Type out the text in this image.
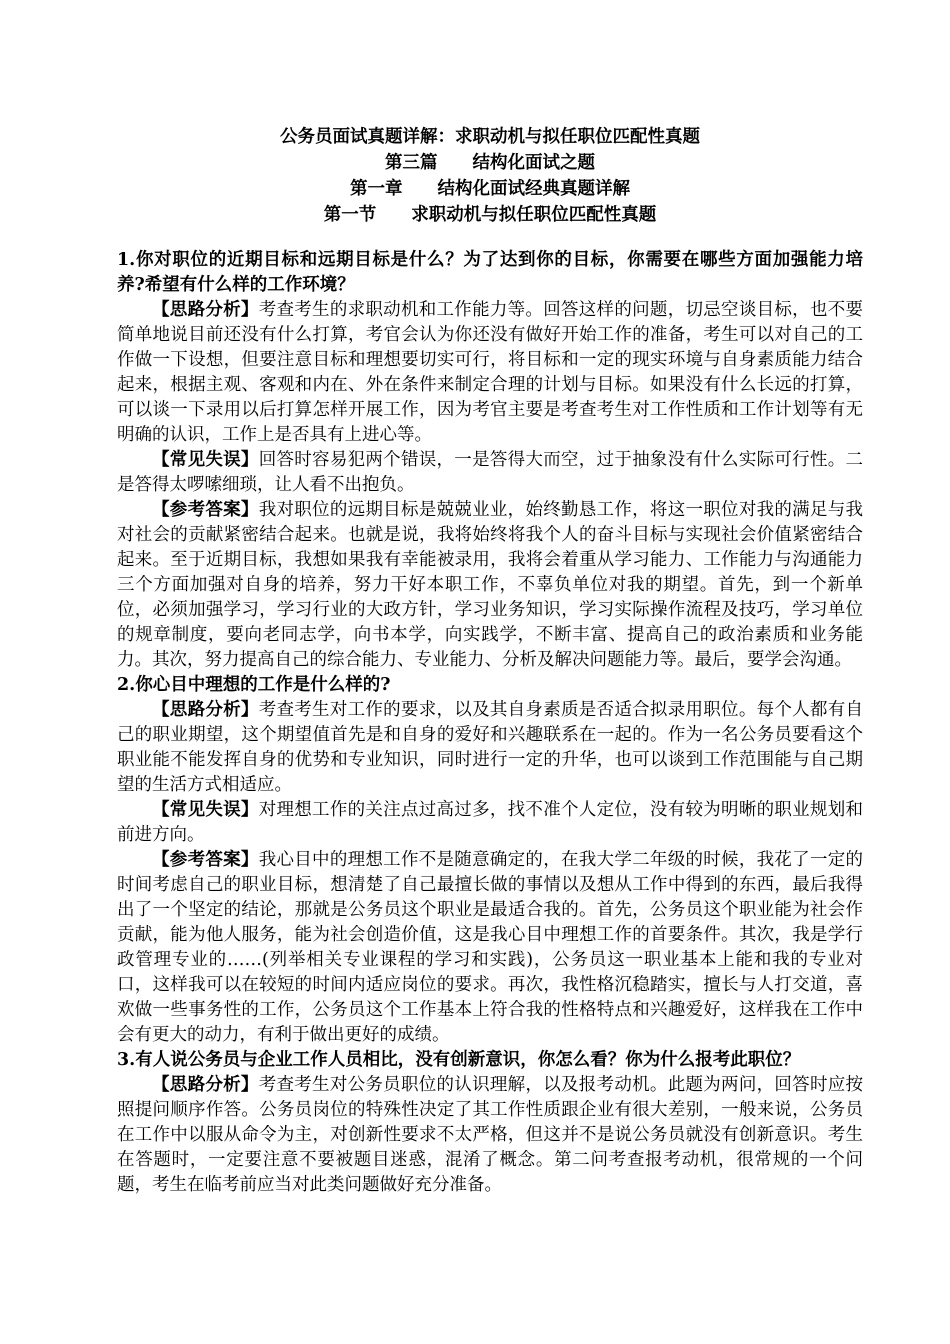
公务员面试真题详解：求职动机与拟任职位匹配性真题
第三篇　　结构化面试之题
第一章　　结构化面试经典真题详解
第一节　　求职动机与拟任职位匹配性真题

1.你对职位的近期目标和远期目标是什么？为了达到你的目标，你需要在哪些方面加强能力培养?希望有什么样的工作环境？

【思路分析】考查考生的求职动机和工作能力等。回答这样的问题，切忌空谈目标，也不要简单地说目前还没有什么打算，考官会认为你还没有做好开始工作的准备，考生可以对自己的工作做一下设想，但要注意目标和理想要切实可行，将目标和一定的现实环境与自身素质能力结合起来，根据主观、客观和内在、外在条件来制定合理的计划与目标。如果没有什么长远的打算，可以谈一下录用以后打算怎样开展工作，因为考官主要是考查考生对工作性质和工作计划等有无明确的认识，工作上是否具有上进心等。

【常见失误】回答时容易犯两个错误，一是答得大而空，过于抽象没有什么实际可行性。二是答得太啰嗦细琐，让人看不出抱负。

【参考答案】我对职位的远期目标是兢兢业业，始终勤恳工作，将这一职位对我的满足与我对社会的贡献紧密结合起来。也就是说，我将始终将我个人的奋斗目标与实现社会价值紧密结合起来。至于近期目标，我想如果我有幸能被录用，我将会着重从学习能力、工作能力与沟通能力三个方面加强对自身的培养，努力干好本职工作，不辜负单位对我的期望。首先，到一个新单位，必须加强学习，学习行业的大政方针，学习业务知识，学习实际操作流程及技巧，学习单位的规章制度，要向老同志学，向书本学，向实践学，不断丰富、提高自己的政治素质和业务能力。其次，努力提高自己的综合能力、专业能力、分析及解决问题能力等。最后，要学会沟通。

2.你心目中理想的工作是什么样的?

【思路分析】考查考生对工作的要求，以及其自身素质是否适合拟录用职位。每个人都有自己的职业期望，这个期望值首先是和自身的爱好和兴趣联系在一起的。作为一名公务员要看这个职业能不能发挥自身的优势和专业知识，同时进行一定的升华，也可以谈到工作范围能与自己期望的生活方式相适应。

【常见失误】对理想工作的关注点过高过多，找不准个人定位，没有较为明晰的职业规划和前进方向。

【参考答案】我心目中的理想工作不是随意确定的，在我大学二年级的时候，我花了一定的时间考虑自己的职业目标，想清楚了自己最擅长做的事情以及想从工作中得到的东西，最后我得出了一个坚定的结论，那就是公务员这个职业是最适合我的。首先，公务员这个职业能为社会作贡献，能为他人服务，能为社会创造价值，这是我心目中理想工作的首要条件。其次，我是学行政管理专业的……(列举相关专业课程的学习和实践)，公务员这一职业基本上能和我的专业对口，这样我可以在较短的时间内适应岗位的要求。再次，我性格沉稳踏实，擅长与人打交道，喜欢做一些事务性的工作，公务员这个工作基本上符合我的性格特点和兴趣爱好，这样我在工作中会有更大的动力，有利于做出更好的成绩。

3.有人说公务员与企业工作人员相比，没有创新意识，你怎么看？你为什么报考此职位？

【思路分析】考查考生对公务员职位的认识理解，以及报考动机。此题为两问，回答时应按照提问顺序作答。公务员岗位的特殊性决定了其工作性质跟企业有很大差别，一般来说，公务员在工作中以服从命令为主，对创新性要求不太严格，但这并不是说公务员就没有创新意识。考生在答题时，一定要注意不要被题目迷惑，混淆了概念。第二问考查报考动机，很常规的一个问题，考生在临考前应当对此类问题做好充分准备。
